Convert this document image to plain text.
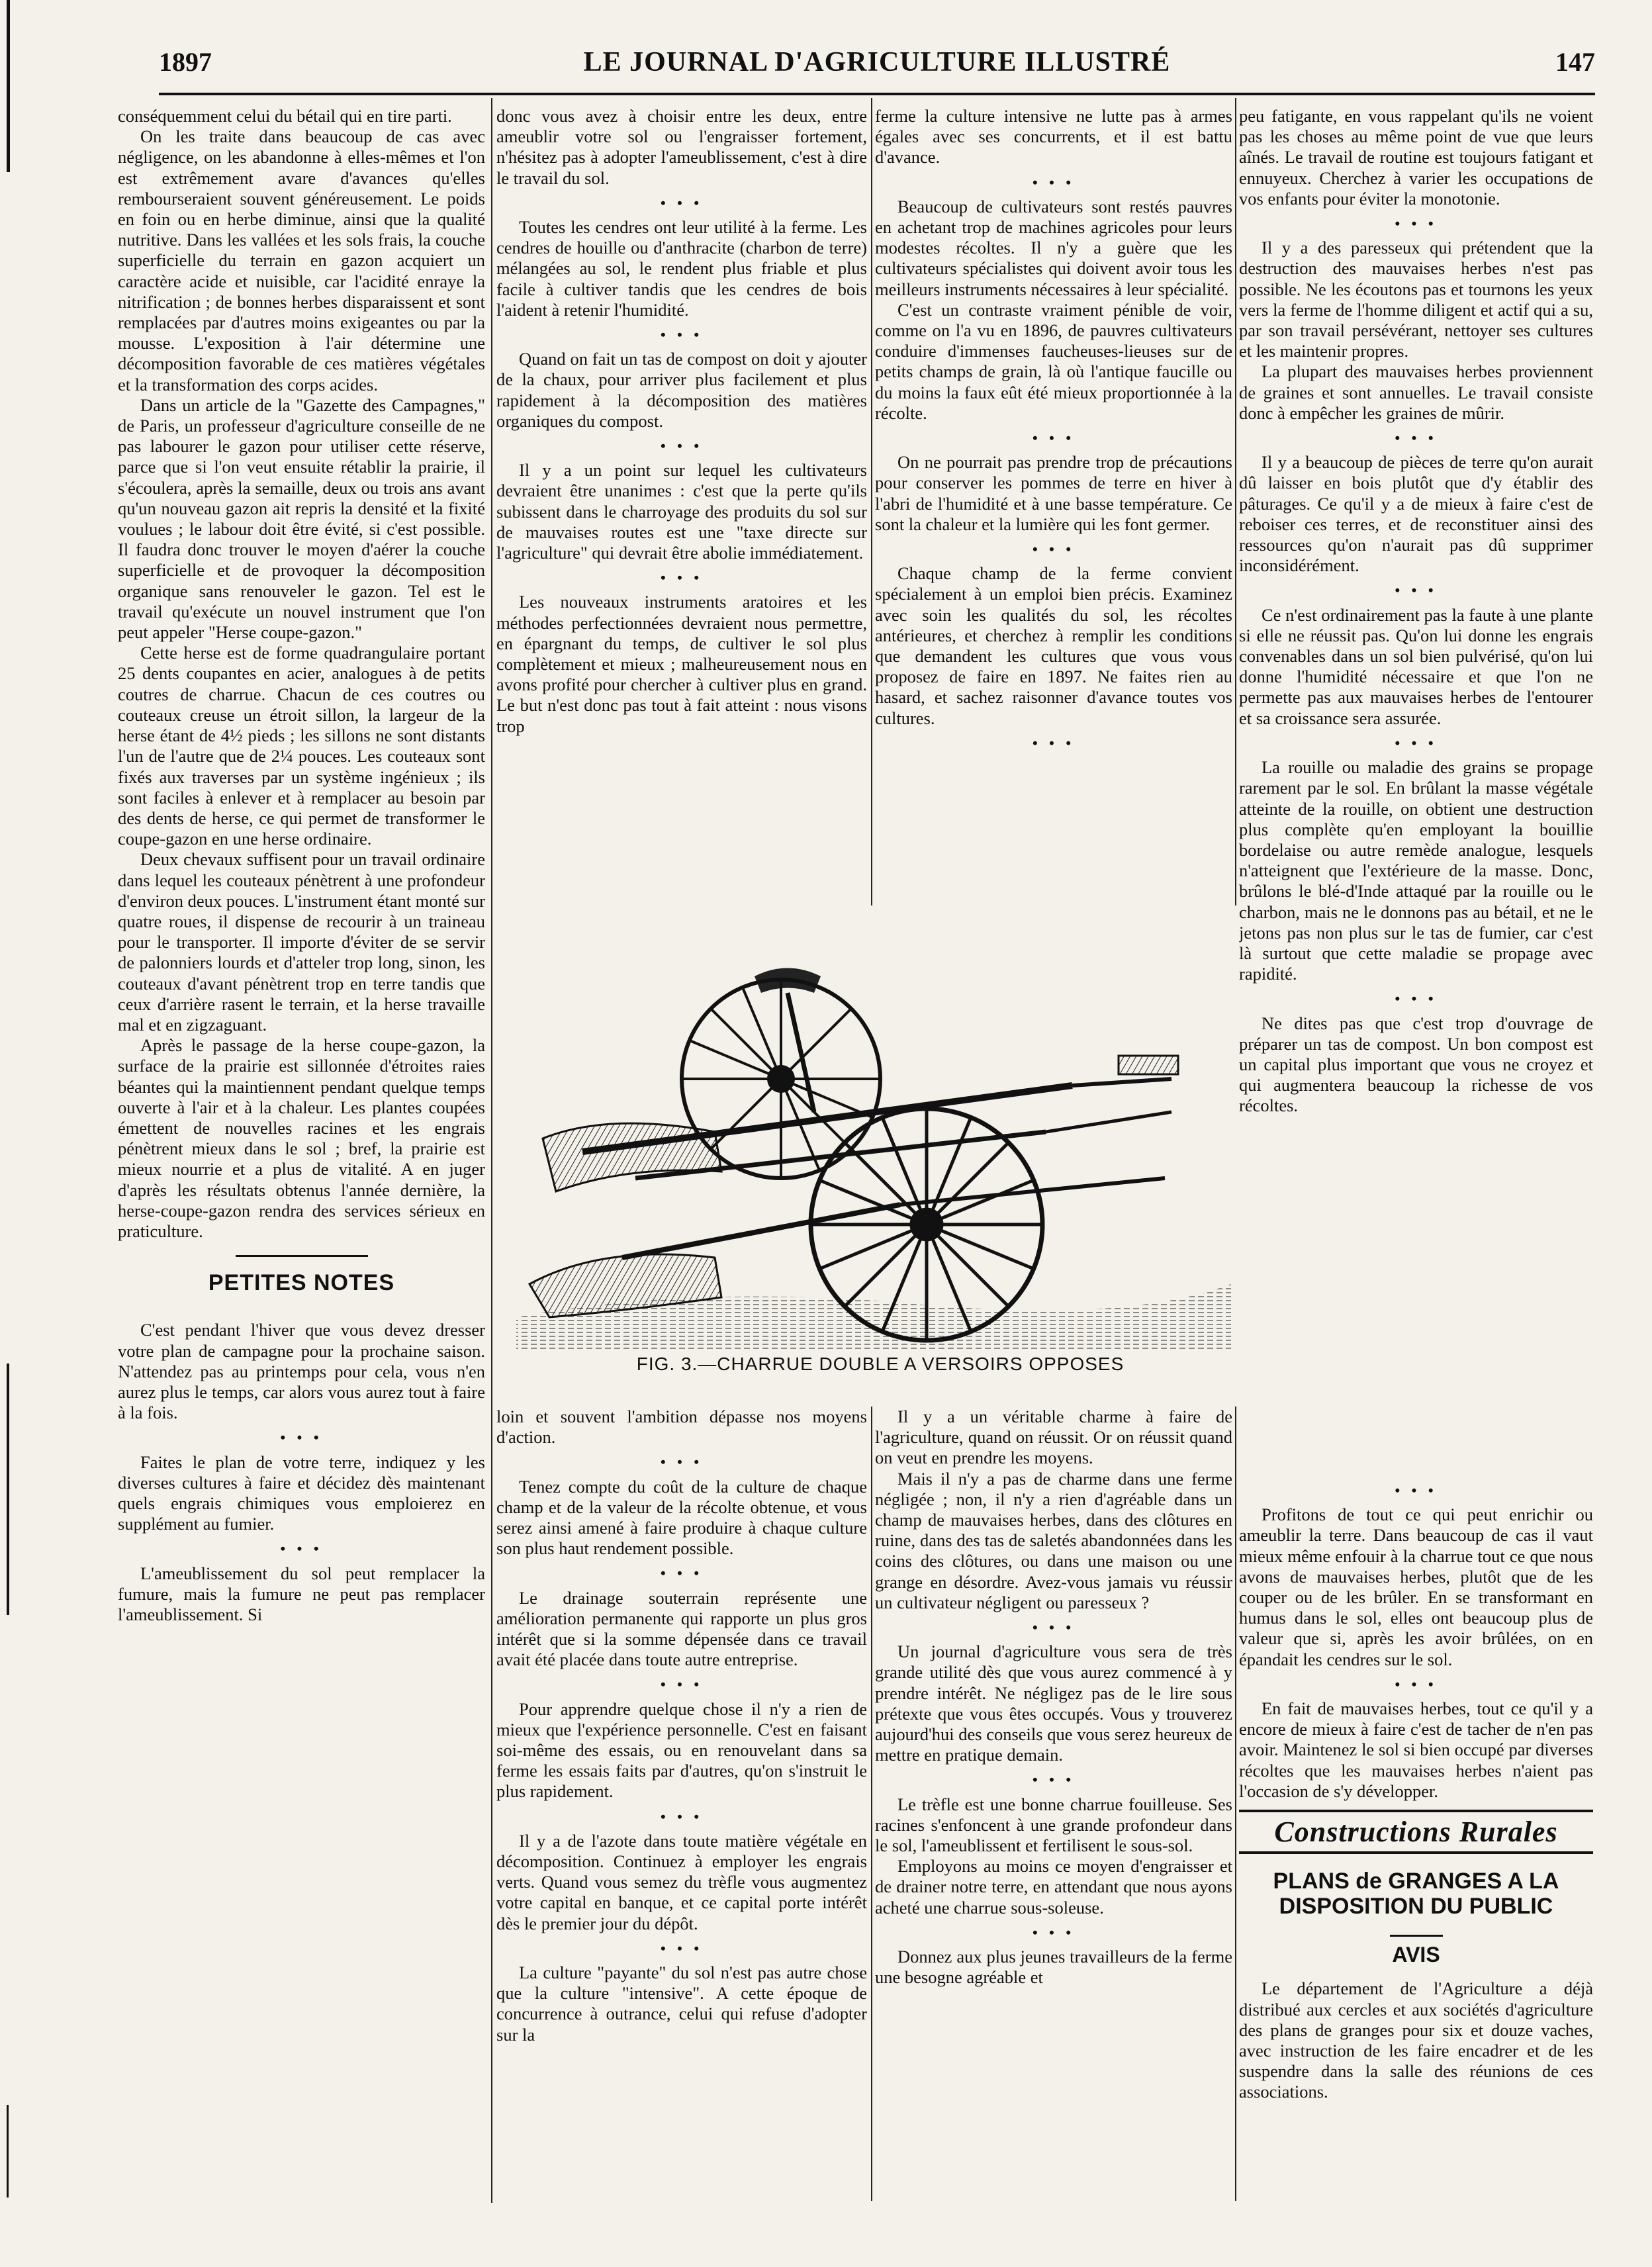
1897	LE JOURNAL D'AGRICULTURE ILLUSTRÉ	147

conséquemment celui du bétail qui en tire parti.

On les traite dans beaucoup de cas avec négligence, on les abandonne à elles-mêmes et l'on est extrêmement avare d'avances qu'elles rembourseraient souvent généreusement. Le poids en foin ou en herbe diminue, ainsi que la qualité nutritive. Dans les vallées et les sols frais, la couche superficielle du terrain en gazon acquiert un caractère acide et nuisible, car l'acidité enraye la nitrification ; de bonnes herbes disparaissent et sont remplacées par d'autres moins exigeantes ou par la mousse. L'exposition à l'air détermine une décomposition favorable de ces matières végétales et la transformation des corps acides.

Dans un article de la "Gazette des Campagnes," de Paris, un professeur d'agriculture conseille de ne pas labourer le gazon pour utiliser cette réserve, parce que si l'on veut ensuite rétablir la prairie, il s'écoulera, après la semaille, deux ou trois ans avant qu'un nouveau gazon ait repris la densité et la fixité voulues ; le labour doit être évité, si c'est possible. Il faudra donc trouver le moyen d'aérer la couche superficielle et de provoquer la décomposition organique sans renouveler le gazon. Tel est le travail qu'exécute un nouvel instrument que l'on peut appeler "Herse coupe-gazon."

Cette herse est de forme quadrangulaire portant 25 dents coupantes en acier, analogues à de petits coutres de charrue. Chacun de ces coutres ou couteaux creuse un étroit sillon, la largeur de la herse étant de 4½ pieds ; les sillons ne sont distants l'un de l'autre que de 2¼ pouces. Les couteaux sont fixés aux traverses par un système ingénieux ; ils sont faciles à enlever et à remplacer au besoin par des dents de herse, ce qui permet de transformer le coupe-gazon en une herse ordinaire.

Deux chevaux suffisent pour un travail ordinaire dans lequel les couteaux pénètrent à une profondeur d'environ deux pouces. L'instrument étant monté sur quatre roues, il dispense de recourir à un traineau pour le transporter. Il importe d'éviter de se servir de palonniers lourds et d'atteler trop long, sinon, les couteaux d'avant pénètrent trop en terre tandis que ceux d'arrière rasent le terrain, et la herse travaille mal et en zigzaguant.

Après le passage de la herse coupe-gazon, la surface de la prairie est sillonnée d'étroites raies béantes qui la maintiennent pendant quelque temps ouverte à l'air et à la chaleur. Les plantes coupées émettent de nouvelles racines et les engrais pénètrent mieux dans le sol ; bref, la prairie est mieux nourrie et a plus de vitalité. A en juger d'après les résultats obtenus l'année dernière, la herse-coupe-gazon rendra des services sérieux en praticulture.

PETITES NOTES

C'est pendant l'hiver que vous devez dresser votre plan de campagne pour la prochaine saison. N'attendez pas au printemps pour cela, vous n'en aurez plus le temps, car alors vous aurez tout à faire à la fois.

• • •

Faites le plan de votre terre, indiquez y les diverses cultures à faire et décidez dès maintenant quels engrais chimiques vous emploierez en supplément au fumier.

• • •

L'ameublissement du sol peut remplacer la fumure, mais la fumure ne peut pas remplacer l'ameublissement. Si

donc vous avez à choisir entre les deux, entre ameublir votre sol ou l'engraisser fortement, n'hésitez pas à adopter l'ameublissement, c'est à dire le travail du sol.

• • •

Toutes les cendres ont leur utilité à la ferme. Les cendres de houille ou d'anthracite (charbon de terre) mélangées au sol, le rendent plus friable et plus facile à cultiver tandis que les cendres de bois l'aident à retenir l'humidité.

• • •

Quand on fait un tas de compost on doit y ajouter de la chaux, pour arriver plus facilement et plus rapidement à la décomposition des matières organiques du compost.

• • •

Il y a un point sur lequel les cultivateurs devraient être unanimes : c'est que la perte qu'ils subissent dans le charroyage des produits du sol sur de mauvaises routes est une "taxe directe sur l'agriculture" qui devrait être abolie immédiatement.

• • •

Les nouveaux instruments aratoires et les méthodes perfectionnées devraient nous permettre, en épargnant du temps, de cultiver le sol plus complètement et mieux ; malheureusement nous en avons profité pour chercher à cultiver plus en grand. Le but n'est donc pas tout à fait atteint : nous visons trop

ferme la culture intensive ne lutte pas à armes égales avec ses concurrents, et il est battu d'avance.

• • •

Beaucoup de cultivateurs sont restés pauvres en achetant trop de machines agricoles pour leurs modestes récoltes. Il n'y a guère que les cultivateurs spécialistes qui doivent avoir tous les meilleurs instruments nécessaires à leur spécialité.

C'est un contraste vraiment pénible de voir, comme on l'a vu en 1896, de pauvres cultivateurs conduire d'immenses faucheuses-lieuses sur de petits champs de grain, là où l'antique faucille ou du moins la faux eût été mieux proportionnée à la récolte.

• • •

On ne pourrait pas prendre trop de précautions pour conserver les pommes de terre en hiver à l'abri de l'humidité et à une basse température. Ce sont la chaleur et la lumière qui les font germer.

• • •

Chaque champ de la ferme convient spécialement à un emploi bien précis. Examinez avec soin les qualités du sol, les récoltes antérieures, et cherchez à remplir les conditions que demandent les cultures que vous vous proposez de faire en 1897. Ne faites rien au hasard, et sachez raisonner d'avance toutes vos cultures.

• • •

peu fatigante, en vous rappelant qu'ils ne voient pas les choses au même point de vue que leurs aînés. Le travail de routine est toujours fatigant et ennuyeux. Cherchez à varier les occupations de vos enfants pour éviter la monotonie.

• • •

Il y a des paresseux qui prétendent que la destruction des mauvaises herbes n'est pas possible. Ne les écoutons pas et tournons les yeux vers la ferme de l'homme diligent et actif qui a su, par son travail persévérant, nettoyer ses cultures et les maintenir propres.

La plupart des mauvaises herbes proviennent de graines et sont annuelles. Le travail consiste donc à empêcher les graines de mûrir.

• • •

Il y a beaucoup de pièces de terre qu'on aurait dû laisser en bois plutôt que d'y établir des pâturages. Ce qu'il y a de mieux à faire c'est de reboiser ces terres, et de reconstituer ainsi des ressources qu'on n'aurait pas dû supprimer inconsidérément.

• • •

Ce n'est ordinairement pas la faute à une plante si elle ne réussit pas. Qu'on lui donne les engrais convenables dans un sol bien pulvérisé, qu'on lui donne l'humidité nécessaire et que l'on ne permette pas aux mauvaises herbes de l'entourer et sa croissance sera assurée.

• • •

La rouille ou maladie des grains se propage rarement par le sol. En brûlant la masse végétale atteinte de la rouille, on obtient une destruction plus complète qu'en employant la bouillie bordelaise ou autre remède analogue, lesquels n'atteignent que l'extérieure de la masse. Donc, brûlons le blé-d'Inde attaqué par la rouille ou le charbon, mais ne le donnons pas au bétail, et ne le jetons pas non plus sur le tas de fumier, car c'est là surtout que cette maladie se propage avec rapidité.

• • •

Ne dites pas que c'est trop d'ouvrage de préparer un tas de compost. Un bon compost est un capital plus important que vous ne croyez et qui augmentera beaucoup la richesse de vos récoltes.

FIG. 3.—CHARRUE DOUBLE A VERSOIRS OPPOSES

loin et souvent l'ambition dépasse nos moyens d'action.

• • •

Tenez compte du coût de la culture de chaque champ et de la valeur de la récolte obtenue, et vous serez ainsi amené à faire produire à chaque culture son plus haut rendement possible.

• • •

Le drainage souterrain représente une amélioration permanente qui rapporte un plus gros intérêt que si la somme dépensée dans ce travail avait été placée dans toute autre entreprise.

• • •

Pour apprendre quelque chose il n'y a rien de mieux que l'expérience personnelle. C'est en faisant soi-même des essais, ou en renouvelant dans sa ferme les essais faits par d'autres, qu'on s'instruit le plus rapidement.

• • •

Il y a de l'azote dans toute matière végétale en décomposition. Continuez à employer les engrais verts. Quand vous semez du trèfle vous augmentez votre capital en banque, et ce capital porte intérêt dès le premier jour du dépôt.

• • •

La culture "payante" du sol n'est pas autre chose que la culture "intensive". A cette époque de concurrence à outrance, celui qui refuse d'adopter sur la

Il y a un véritable charme à faire de l'agriculture, quand on réussit. Or on réussit quand on veut en prendre les moyens.

Mais il n'y a pas de charme dans une ferme négligée ; non, il n'y a rien d'agréable dans un champ de mauvaises herbes, dans des clôtures en ruine, dans des tas de saletés abandonnées dans les coins des clôtures, ou dans une maison ou une grange en désordre. Avez-vous jamais vu réussir un cultivateur négligent ou paresseux ?

• • •

Un journal d'agriculture vous sera de très grande utilité dès que vous aurez commencé à y prendre intérêt. Ne négligez pas de le lire sous prétexte que vous êtes occupés. Vous y trouverez aujourd'hui des conseils que vous serez heureux de mettre en pratique demain.

• • •

Le trèfle est une bonne charrue fouilleuse. Ses racines s'enfoncent à une grande profondeur dans le sol, l'ameublissent et fertilisent le sous-sol.

Employons au moins ce moyen d'engraisser et de drainer notre terre, en attendant que nous ayons acheté une charrue sous-soleuse.

• • •

Donnez aux plus jeunes travailleurs de la ferme une besogne agréable et

• • •

Profitons de tout ce qui peut enrichir ou ameublir la terre. Dans beaucoup de cas il vaut mieux même enfouir à la charrue tout ce que nous avons de mauvaises herbes, plutôt que de les couper ou de les brûler. En se transformant en humus dans le sol, elles ont beaucoup plus de valeur que si, après les avoir brûlées, on en épandait les cendres sur le sol.

• • •

En fait de mauvaises herbes, tout ce qu'il y a encore de mieux à faire c'est de tacher de n'en pas avoir. Maintenez le sol si bien occupé par diverses récoltes que les mauvaises herbes n'aient pas l'occasion de s'y développer.

Constructions Rurales
PLANS de GRANGES A LA DISPOSITION DU PUBLIC
AVIS

Le département de l'Agriculture a déjà distribué aux cercles et aux sociétés d'agriculture des plans de granges pour six et douze vaches, avec instruction de les faire encadrer et de les suspendre dans la salle des réunions de ces associations.
